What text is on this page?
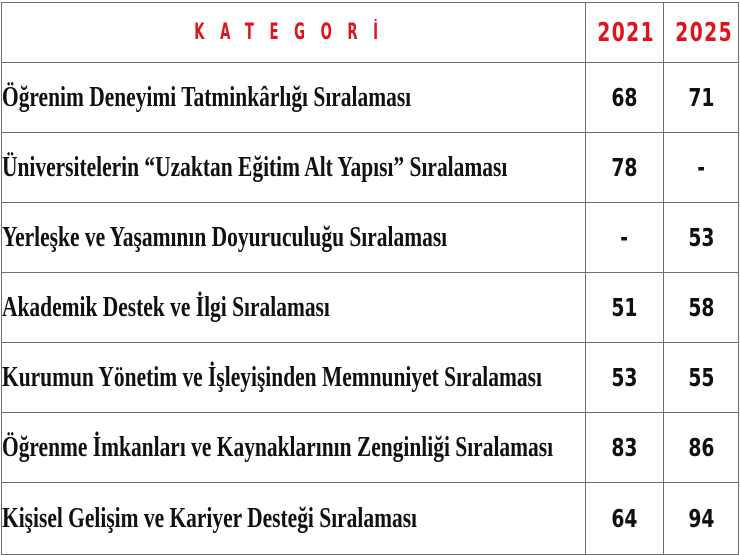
KATEGORİ	2021	2025
Öğrenim Deneyimi Tatminkârlığı Sıralaması	68	71
Üniversitelerin “Uzaktan Eğitim Alt Yapısı” Sıralaması	78	-
Yerleşke ve Yaşamının Doyuruculuğu Sıralaması	-	53
Akademik Destek ve İlgi Sıralaması	51	58
Kurumun Yönetim ve İşleyişinden Memnuniyet Sıralaması	53	55
Öğrenme İmkanları ve Kaynaklarının Zenginliği Sıralaması	83	86
Kişisel Gelişim ve Kariyer Desteği Sıralaması	64	94
